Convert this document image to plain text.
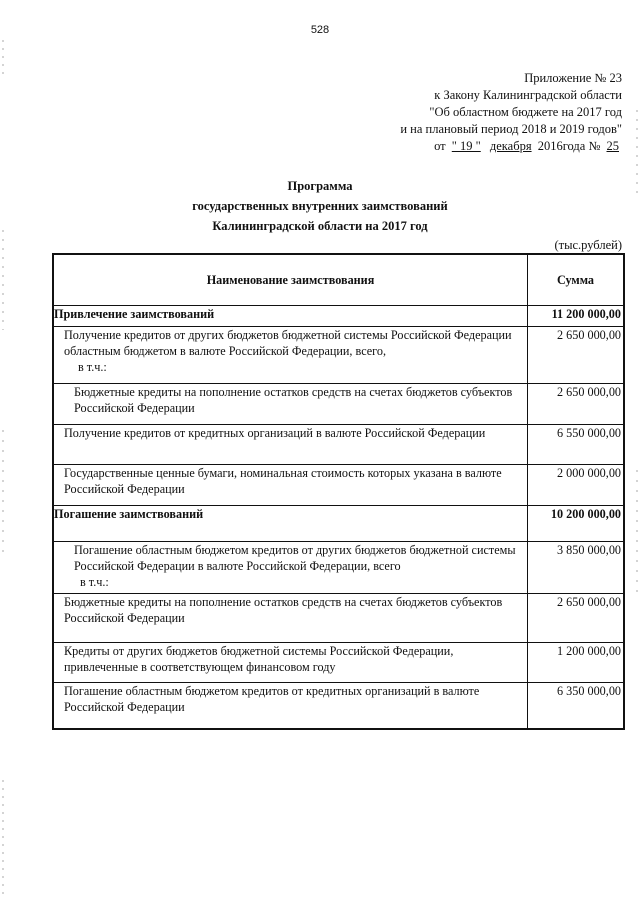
528
Приложение № 23
к Закону Калининградской области
"Об областном бюджете на 2017 год
и на плановый период 2018 и 2019 годов"
от " 19 " декабря 2016года № 25
Программа
государственных внутренних заимствований
Калининградской области на 2017 год
(тыс.рублей)
Наименование заимствования	Сумма
Привлечение заимствований	11 200 000,00
Получение кредитов от других бюджетов бюджетной системы Российской Федерации областным бюджетом в валюте Российской Федерации, всего,
в т.ч.:	2 650 000,00
Бюджетные кредиты на пополнение остатков средств на счетах бюджетов субъектов Российской Федерации	2 650 000,00
Получение кредитов от кредитных организаций в валюте Российской Федерации	6 550 000,00
Государственные ценные бумаги, номинальная стоимость которых указана в валюте Российской Федерации	2 000 000,00
Погашение заимствований	10 200 000,00
Погашение областным бюджетом кредитов от других бюджетов бюджетной системы Российской Федерации в валюте Российской Федерации, всего
в т.ч.:	3 850 000,00
Бюджетные кредиты на пополнение остатков средств на счетах бюджетов субъектов Российской Федерации	2 650 000,00
Кредиты от других бюджетов бюджетной системы Российской Федерации, привлеченные в соответствующем финансовом году	1 200 000,00
Погашение областным бюджетом кредитов от кредитных организаций в валюте Российской Федерации	6 350 000,00
